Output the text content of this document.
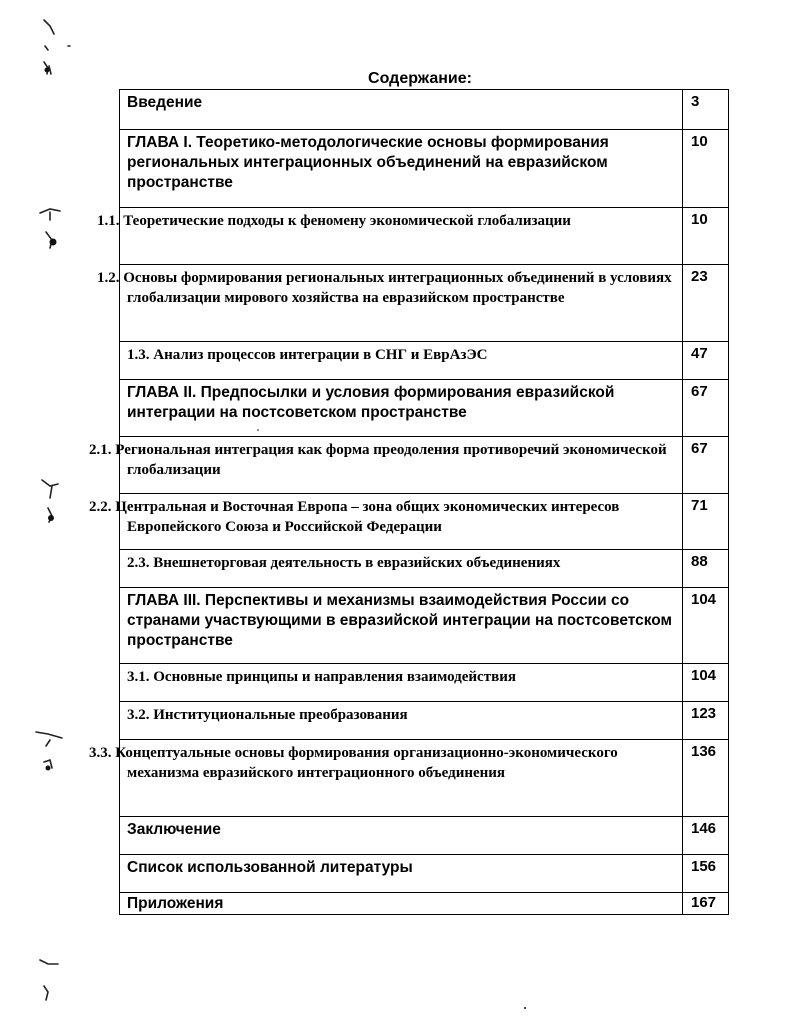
Содержание:
Введение	3
ГЛАВА I. Теоретико-методологические основы формирования региональных интеграционных объединений на евразийском пространстве	10
1.1. Теоретические подходы к феномену экономической глобализации	10
1.2. Основы формирования региональных интеграционных объединений в условиях глобализации мирового хозяйства на евразийском пространстве	23
1.3. Анализ процессов интеграции в СНГ и ЕврАзЭС	47
ГЛАВА II. Предпосылки и условия формирования евразийской интеграции на постсоветском пространстве	67
2.1. Региональная интеграция как форма преодоления противоречий экономической глобализации	67
2.2. Центральная и Восточная Европа – зона общих экономических интересов Европейского Союза и Российской Федерации	71
2.3. Внешнеторговая деятельность в евразийских объединениях	88
ГЛАВА III. Перспективы и механизмы взаимодействия России со странами участвующими в евразийской интеграции на постсоветском пространстве	104
3.1. Основные принципы и направления взаимодействия	104
3.2. Институциональные преобразования	123
3.3. Концептуальные основы формирования организационно-экономического механизма евразийского интеграционного объединения	136
Заключение	146
Список использованной литературы	156
Приложения	167
